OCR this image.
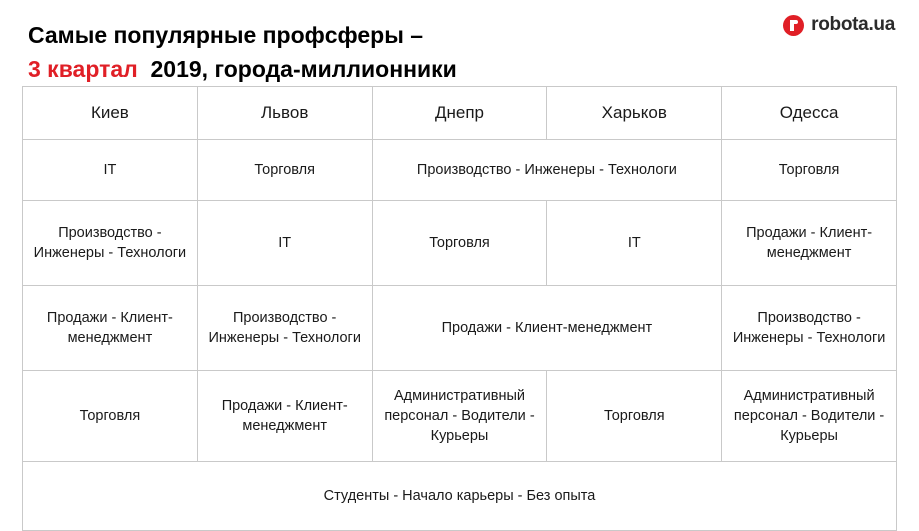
Самые популярные профсферы –
3 квартал  2019, города-миллионники
robota.ua
Киев	Львов	Днепр	Харьков	Одесса
IT	Торговля	Производство - Инженеры - Технологи		Торговля
Производство - Инженеры - Технологи	IT	Торговля	IT	Продажи - Клиент-менеджмент
Продажи - Клиент-менеджмент	Производство - Инженеры - Технологи	Продажи - Клиент-менеджмент		Производство - Инженеры - Технологи
Торговля	Продажи - Клиент-менеджмент	Административный персонал - Водители - Курьеры	Торговля	Административный персонал - Водители - Курьеры
Студенты - Начало карьеры - Без опыта				
